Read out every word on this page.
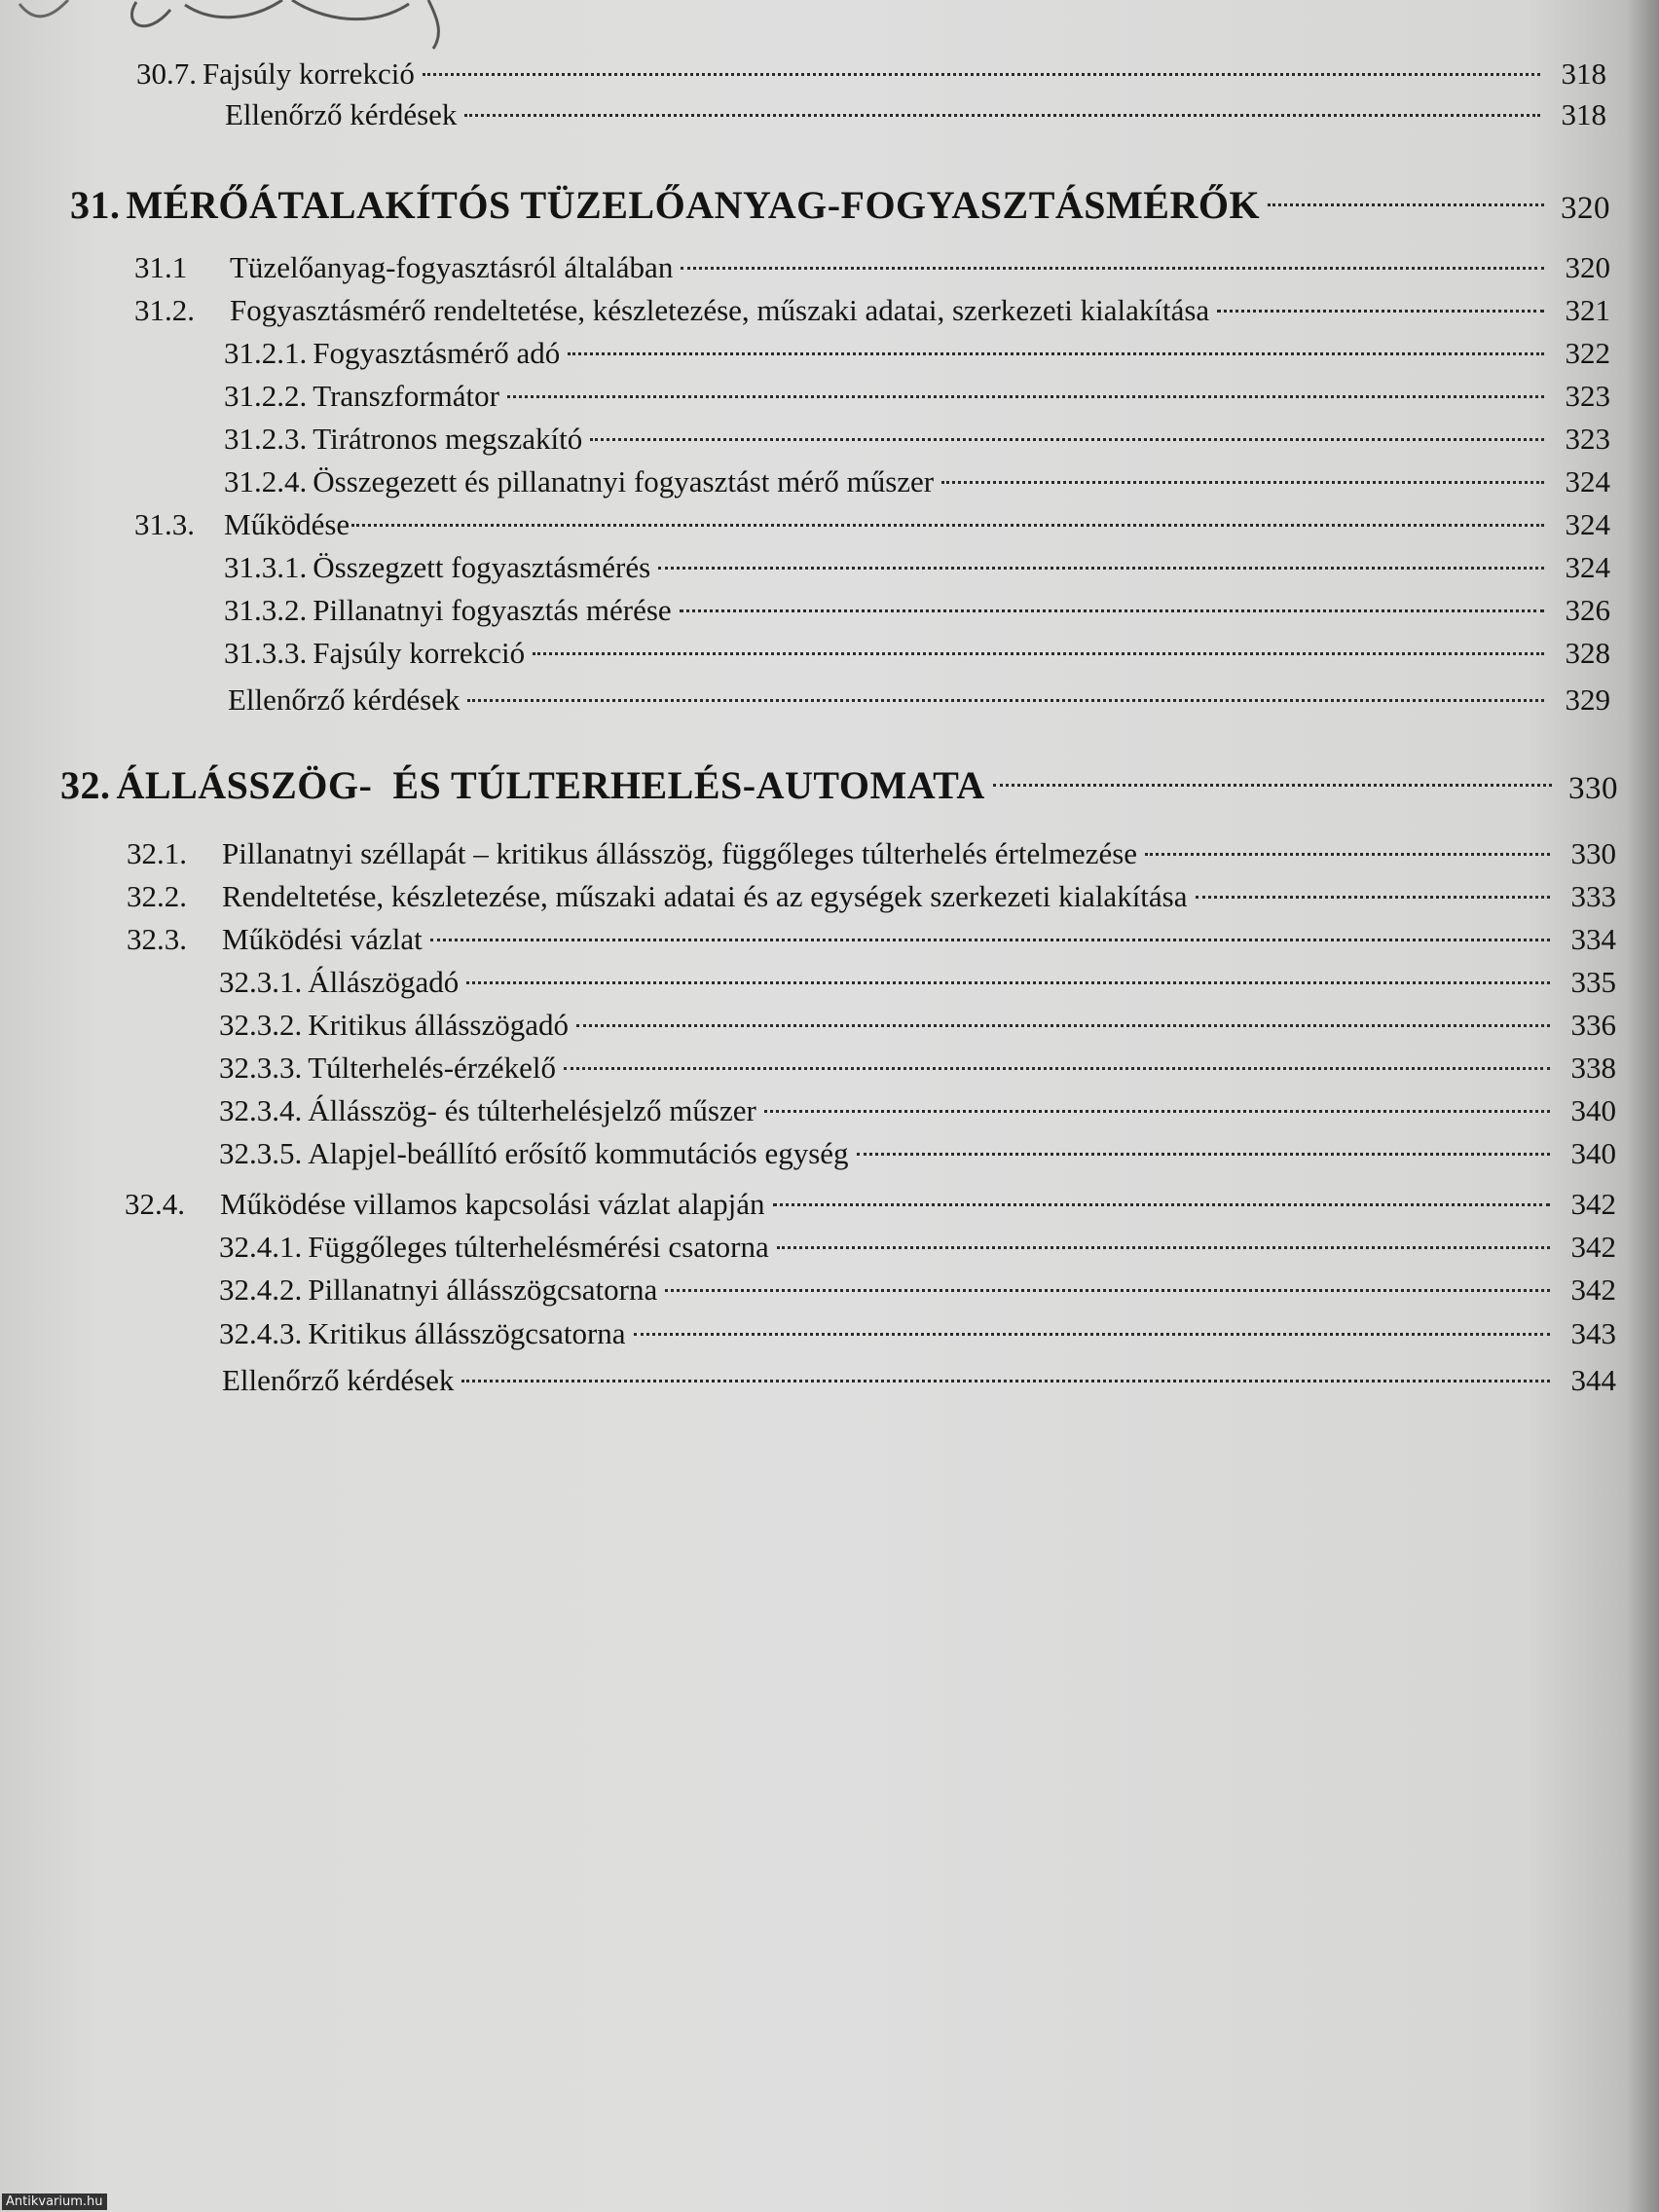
30.7. Fajsúly korrekció	318
Ellenőrző kérdések	318
31. MÉRŐÁTALAKÍTÓS TÜZELŐANYAG-FOGYASZTÁSMÉRŐK	320
31.1	Tüzelőanyag-fogyasztásról általában	320
31.2.	Fogyasztásmérő rendeltetése, készletezése, műszaki adatai, szerkezeti kialakítása	321
31.2.1. Fogyasztásmérő adó	322
31.2.2. Transzformátor	323
31.2.3. Tirátronos megszakító	323
31.2.4. Összegezett és pillanatnyi fogyasztást mérő műszer	324
31.3. Működése	324
31.3.1. Összegzett fogyasztásmérés	324
31.3.2. Pillanatnyi fogyasztás mérése	326
31.3.3. Fajsúly korrekció	328
Ellenőrző kérdések	329
32. ÁLLÁSSZÖG-  ÉS TÚLTERHELÉS-AUTOMATA	330
32.1.	Pillanatnyi széllapát – kritikus állásszög, függőleges túlterhelés értelmezése	330
32.2.	Rendeltetése, készletezése, műszaki adatai és az egységek szerkezeti kialakítása	333
32.3.	Működési vázlat	334
32.3.1. Állászögadó	335
32.3.2. Kritikus állásszögadó	336
32.3.3. Túlterhelés-érzékelő	338
32.3.4. Állásszög- és túlterhelésjelző műszer	340
32.3.5. Alapjel-beállító erősítő kommutációs egység	340
32.4.	Működése villamos kapcsolási vázlat alapján	342
32.4.1. Függőleges túlterhelésmérési csatorna	342
32.4.2. Pillanatnyi állásszögcsatorna	342
32.4.3. Kritikus állásszögcsatorna	343
Ellenőrző kérdések	344
Antikvarium.hu
